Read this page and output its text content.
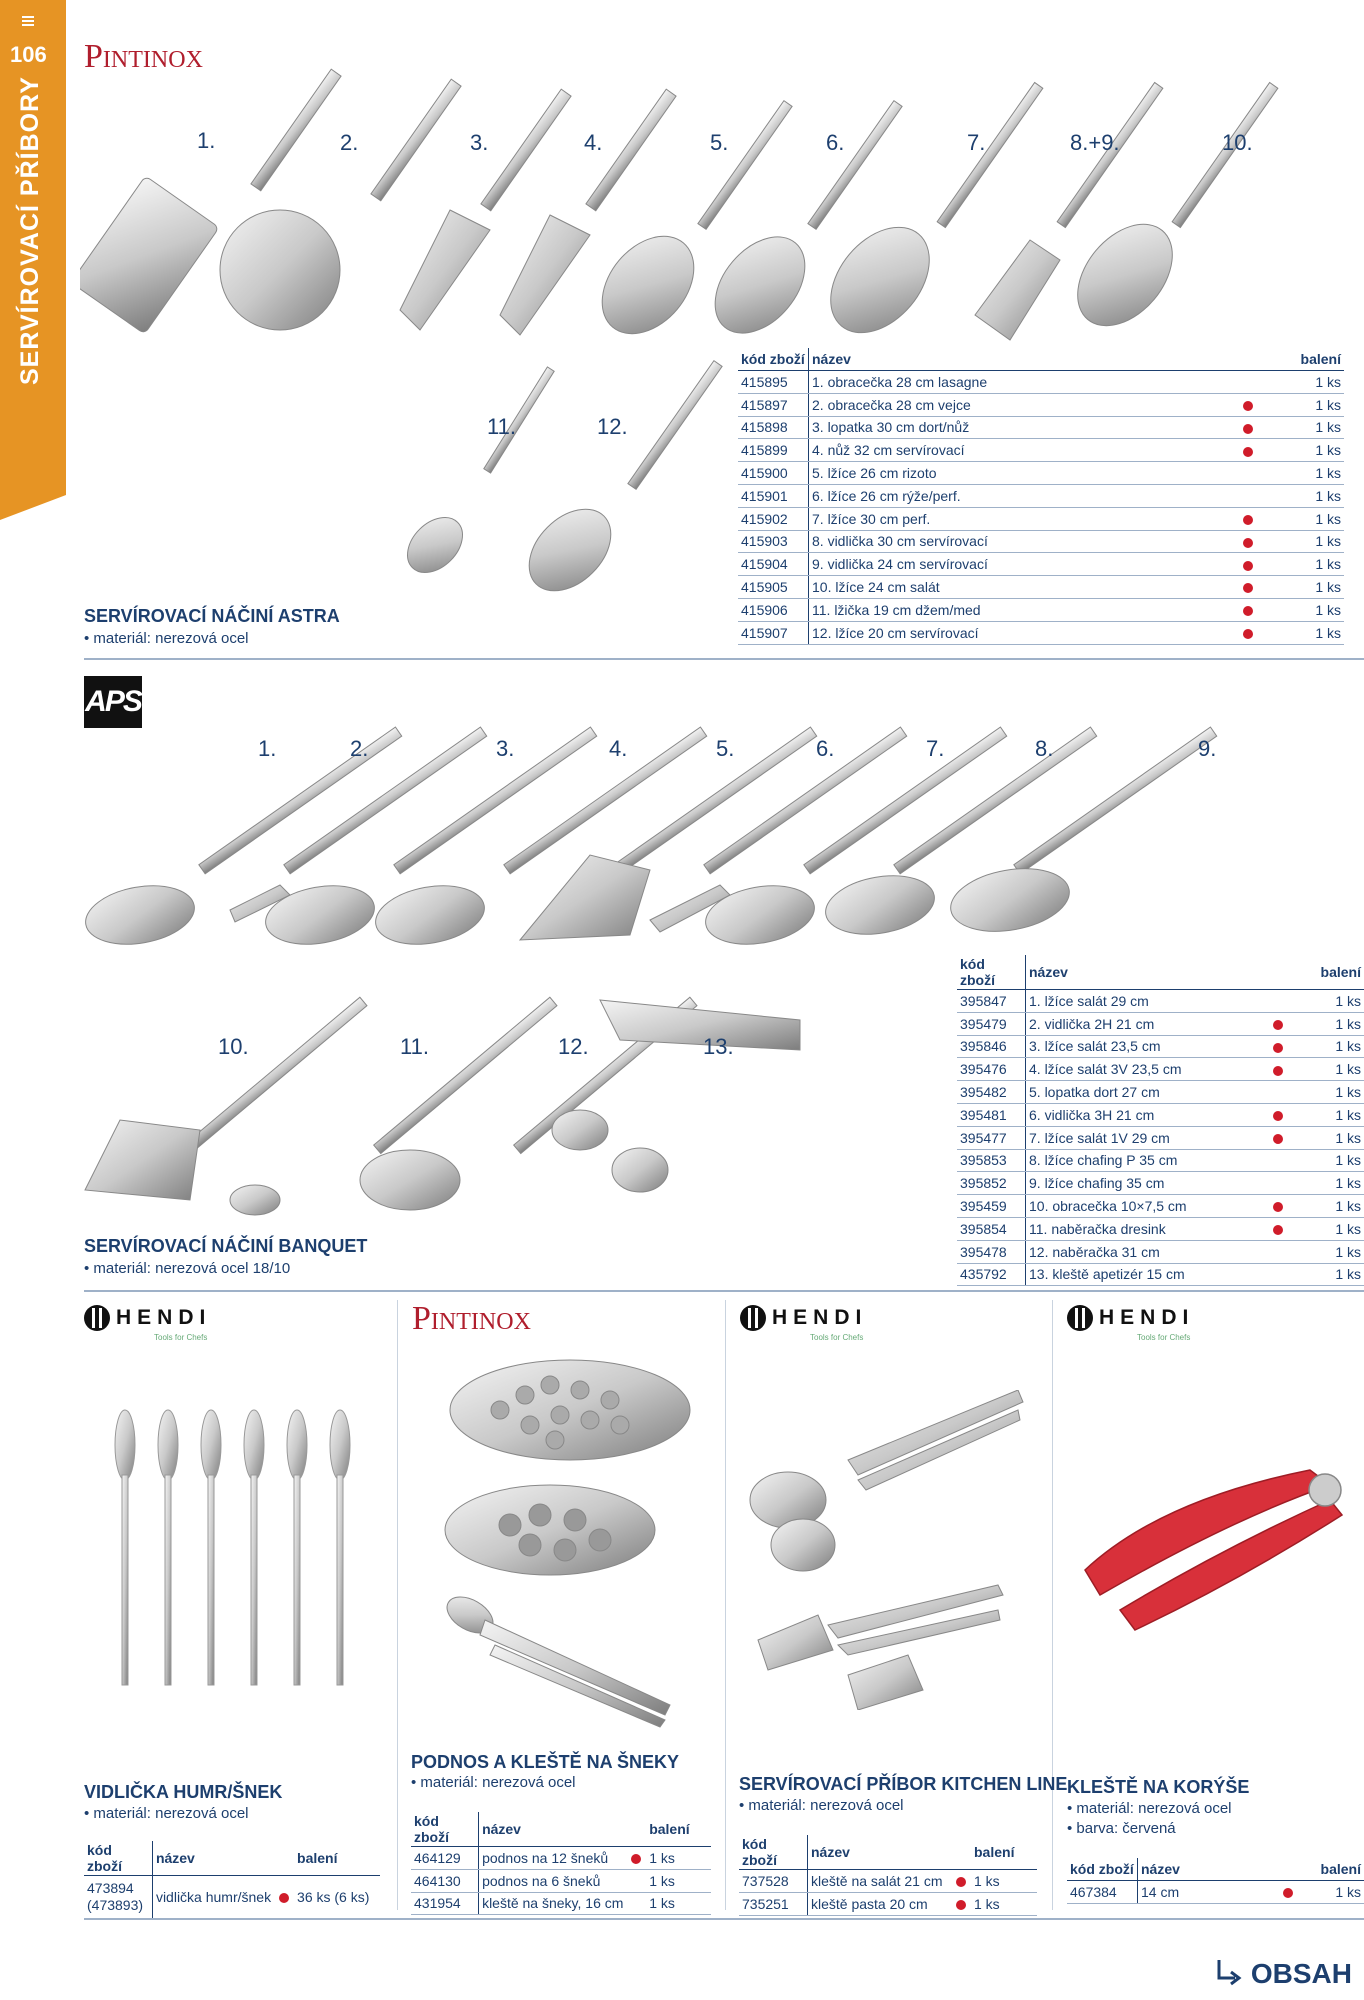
106
SERVÍROVACÍ PŘÍBORY
PINTINOX
1.	2.	3.	4.	5.	6.	7.	8.+9.	10.
11.	12.
SERVÍROVACÍ NÁČINÍ ASTRA
• materiál: nerezová ocel
kód zboží	název		balení
415895	1. obracečka 28 cm lasagne		1 ks
415897	2. obracečka 28 cm vejce		1 ks
415898	3. lopatka 30 cm dort/nůž		1 ks
415899	4. nůž 32 cm servírovací		1 ks
415900	5. lžíce 26 cm rizoto		1 ks
415901	6. lžíce 26 cm rýže/perf.		1 ks
415902	7. lžíce 30 cm perf.		1 ks
415903	8. vidlička 30 cm servírovací		1 ks
415904	9. vidlička 24 cm servírovací		1 ks
415905	10. lžíce 24 cm salát		1 ks
415906	11. lžička 19 cm džem/med		1 ks
415907	12. lžíce 20 cm servírovací		1 ks
APS
1.	2.	3.	4.	5.	6.	7.	8.	9.
10.	11.	12.	13.
SERVÍROVACÍ NÁČINÍ BANQUET
• materiál: nerezová ocel 18/10
kód zboží	název		balení
395847	1. lžíce salát 29 cm		1 ks
395479	2. vidlička 2H 21 cm		1 ks
395846	3. lžíce salát 23,5 cm		1 ks
395476	4. lžíce salát 3V 23,5 cm		1 ks
395482	5. lopatka dort 27 cm		1 ks
395481	6. vidlička 3H 21 cm		1 ks
395477	7. lžíce salát 1V 29 cm		1 ks
395853	8. lžíce chafing P 35 cm		1 ks
395852	9. lžíce chafing 35 cm		1 ks
395459	10. obracečka 10×7,5 cm		1 ks
395854	11. naběračka dresink		1 ks
395478	12. naběračka 31 cm		1 ks
435792	13. kleště apetizér 15 cm		1 ks
HENDI
Tools for Chefs
VIDLIČKA HUMR/ŠNEK
• materiál: nerezová ocel
kód zboží	název		balení
473894
(473893)	vidlička humr/šnek		36 ks (6 ks)
PINTINOX
PODNOS A KLEŠTĚ NA ŠNEKY
• materiál: nerezová ocel
kód zboží	název		balení
464129	podnos na 12 šneků		1 ks
464130	podnos na 6 šneků		1 ks
431954	kleště na šneky, 16 cm		1 ks
HENDI
Tools for Chefs
SERVÍROVACÍ PŘÍBOR KITCHEN LINE
• materiál: nerezová ocel
kód zboží	název		balení
737528	kleště na salát 21 cm		1 ks
735251	kleště pasta 20 cm		1 ks
HENDI
Tools for Chefs
KLEŠTĚ NA KORÝŠE
• materiál: nerezová ocel
• barva: červená
kód zboží	název		balení
467384	14 cm		1 ks
OBSAH
